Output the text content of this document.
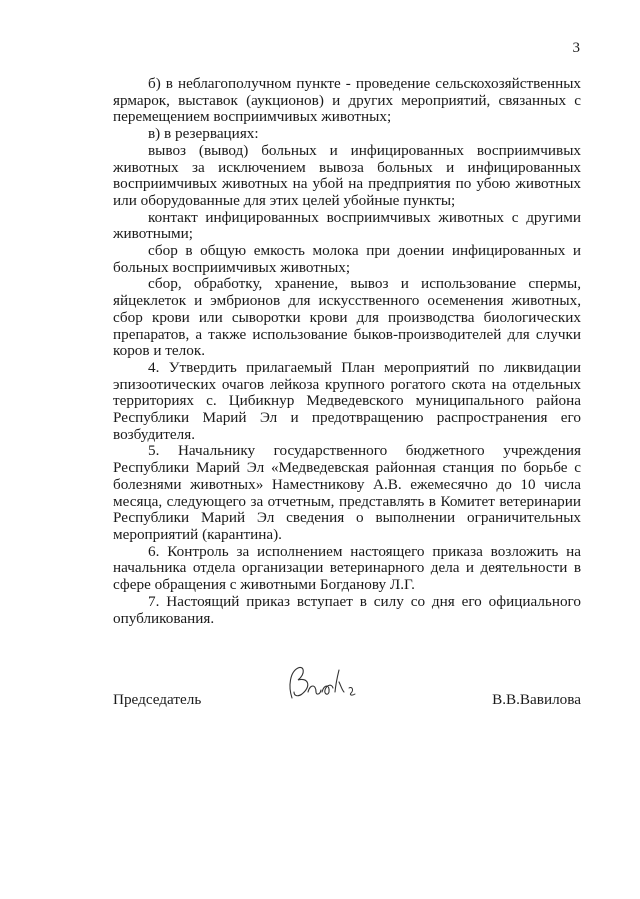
3

б) в неблагополучном пункте - проведение сельскохозяйственных ярмарок, выставок (аукционов) и других мероприятий, связанных с перемещением восприимчивых животных;

в) в резервациях:

вывоз (вывод) больных и инфицированных восприимчивых животных за исключением вывоза больных и инфицированных восприимчивых животных на убой на предприятия по убою животных или оборудованные для этих целей убойные пункты;

контакт инфицированных восприимчивых животных с другими животными;

сбор в общую емкость молока при доении инфицированных и больных восприимчивых животных;

сбор, обработку, хранение, вывоз и использование спермы, яйцеклеток и эмбрионов для искусственного осеменения животных, сбор крови или сыворотки крови для производства биологических препаратов, а также использование быков-производителей для случки коров и телок.

4. Утвердить прилагаемый План мероприятий по ликвидации эпизоотических очагов лейкоза крупного рогатого скота на отдельных территориях с. Цибикнур Медведевского муниципального района Республики Марий Эл и предотвращению распространения его возбудителя.

5. Начальнику государственного бюджетного учреждения Республики Марий Эл «Медведевская районная станция по борьбе с болезнями животных» Наместникову А.В. ежемесячно до 10 числа месяца, следующего за отчетным, представлять в Комитет ветеринарии Республики Марий Эл сведения о выполнении ограничительных мероприятий (карантина).

6. Контроль за исполнением настоящего приказа возложить на начальника отдела организации ветеринарного дела и деятельности в сфере обращения с животными Богданову Л.Г.

7. Настоящий приказ вступает в силу со дня его официального опубликования.

Председатель	В.В.Вавилова
